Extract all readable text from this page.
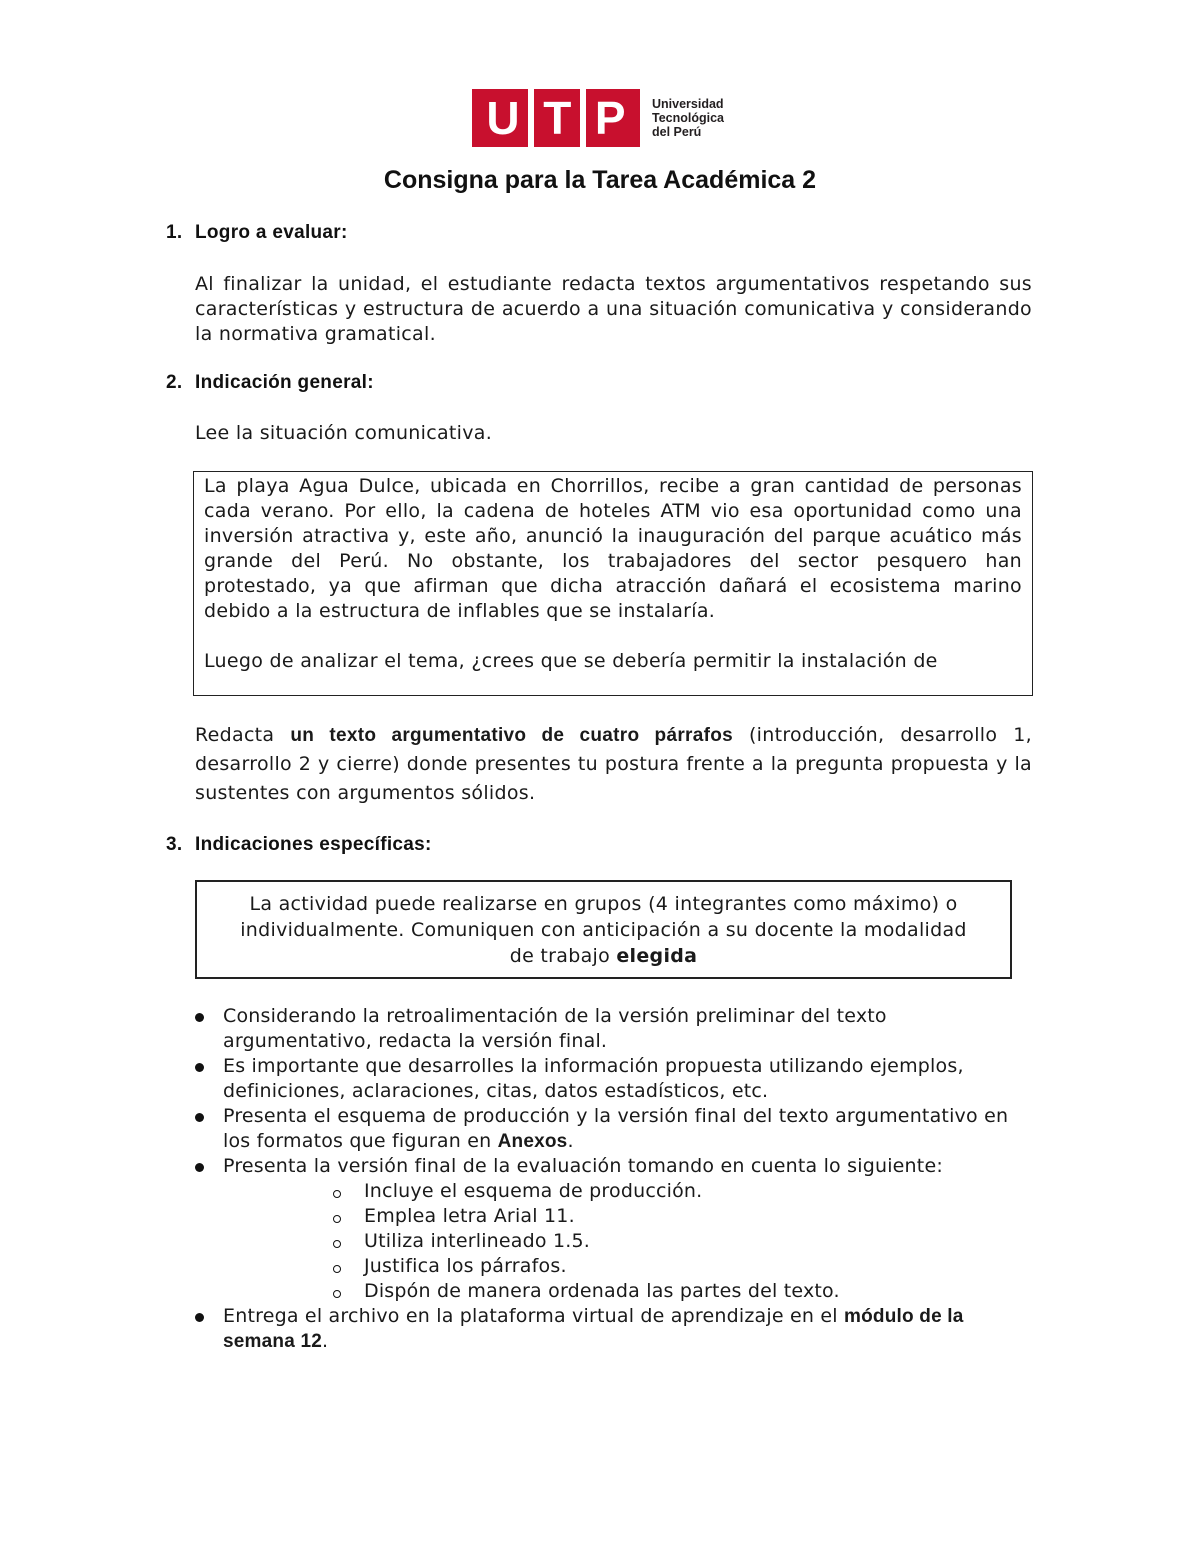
U T P Universidad
Tecnológica
del Perú
Consigna para la Tarea Académica 2
1. Logro a evaluar:
Al finalizar la unidad, el estudiante redacta textos argumentativos respetando sus características y estructura de acuerdo a una situación comunicativa y considerando la normativa gramatical.
2. Indicación general:
Lee la situación comunicativa.

La playa Agua Dulce, ubicada en Chorrillos, recibe a gran cantidad de personas cada verano. Por ello, la cadena de hoteles ATM vio esa oportunidad como una inversión atractiva y, este año, anunció la inauguración del parque acuático más grande del Perú. No obstante, los trabajadores del sector pesquero han protestado, ya que afirman que dicha atracción dañará el ecosistema marino debido a la estructura de inflables que se instalaría.

Luego de analizar el tema, ¿crees que se debería permitir la instalación de

Redacta un texto argumentativo de cuatro párrafos (introducción, desarrollo 1, desarrollo 2 y cierre) donde presentes tu postura frente a la pregunta propuesta y la sustentes con argumentos sólidos.
3. Indicaciones específicas:
La actividad puede realizarse en grupos (4 integrantes como máximo) o individualmente. Comuniquen con anticipación a su docente la modalidad de trabajo elegida
Considerando la retroalimentación de la versión preliminar del texto argumentativo, redacta la versión final.
Es importante que desarrolles la información propuesta utilizando ejemplos, definiciones, aclaraciones, citas, datos estadísticos, etc.
Presenta el esquema de producción y la versión final del texto argumentativo en los formatos que figuran en Anexos.
Presenta la versión final de la evaluación tomando en cuenta lo siguiente:
Incluye el esquema de producción.
Emplea letra Arial 11.
Utiliza interlineado 1.5.
Justifica los párrafos.
Dispón de manera ordenada las partes del texto.
Entrega el archivo en la plataforma virtual de aprendizaje en el módulo de la semana 12.
